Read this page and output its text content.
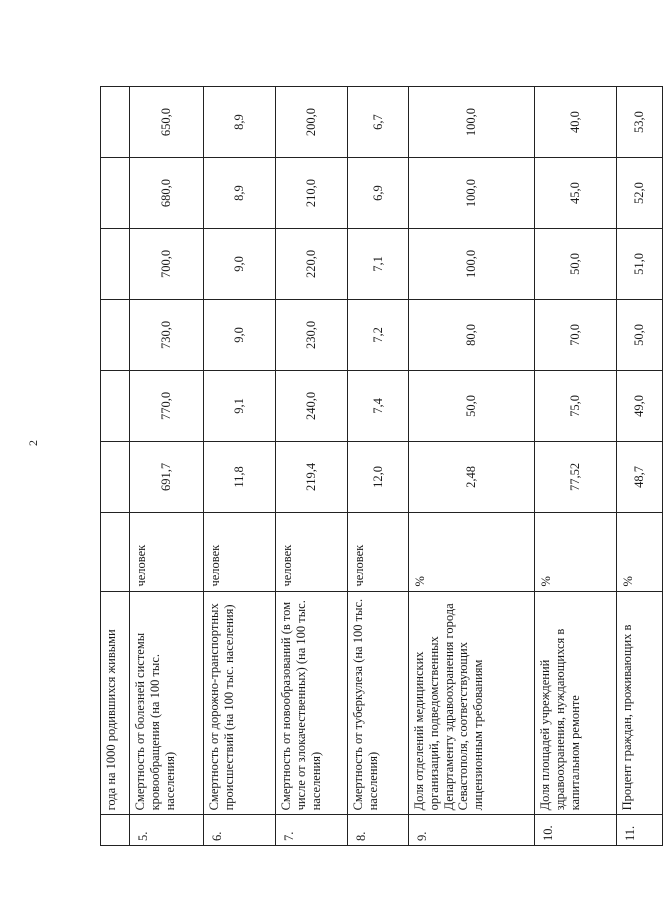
2
	года на 1000 родившихся живыми							
5.	Смертность от болезней системы кровообращения (на 100 тыс. населения)	человек	691,7	770,0	730,0	700,0	680,0	650,0
6.	Смертность от дорожно-транспортных происшествий (на 100 тыс. населения)	человек	11,8	9,1	9,0	9,0	8,9	8,9
7.	Смертность от новообразований (в том числе от злокачественных) (на 100 тыс. населения)	человек	219,4	240,0	230,0	220,0	210,0	200,0
8.	Смертность от туберкулеза (на 100 тыс. населения)	человек	12,0	7,4	7,2	7,1	6,9	6,7
9.	Доля отделений медицинских организаций, подведомственных Департаменту здравоохранения города Севастополя, соответствующих лицензионным требованиям	%	2,48	50,0	80,0	100,0	100,0	100,0
10.	Доля площадей учреждений здравоохранения, нуждающихся в капитальном ремонте	%	77,52	75,0	70,0	50,0	45,0	40,0
11.	Процент граждан, проживающих в	%	48,7	49,0	50,0	51,0	52,0	53,0
